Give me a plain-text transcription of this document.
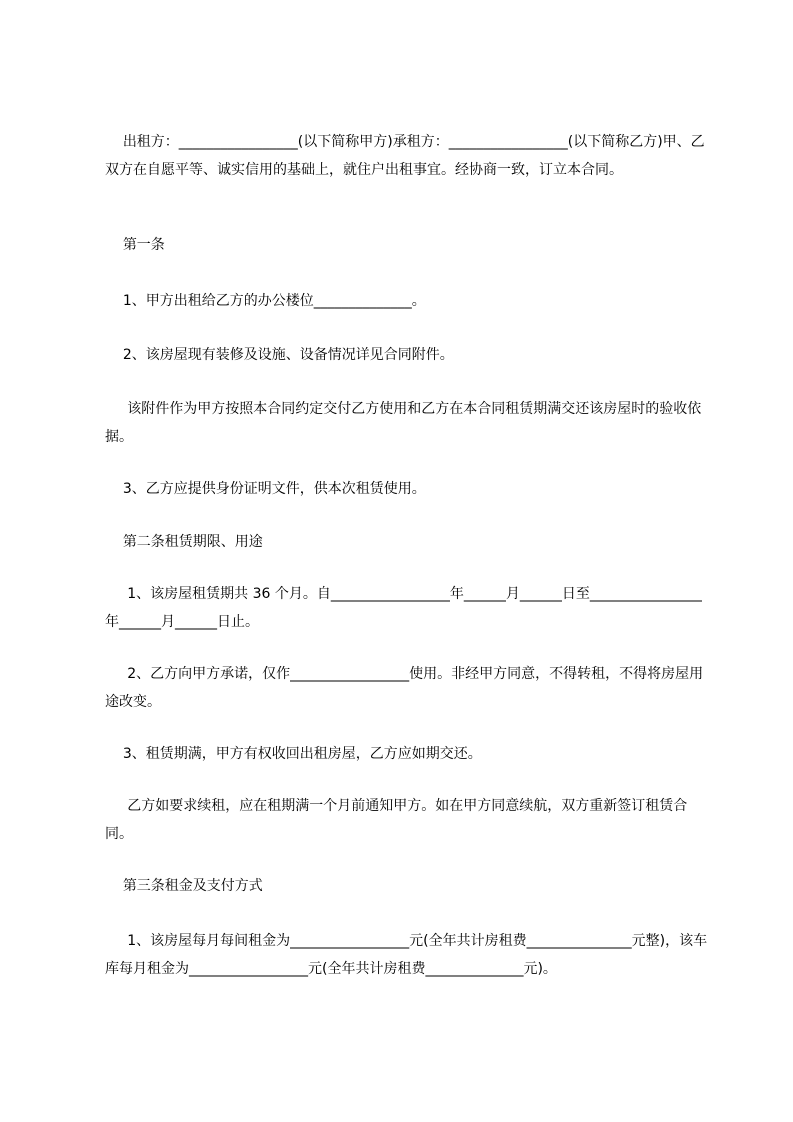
出租方：_________________(以下简称甲方)承租方：_________________(以下简称乙方)甲、乙双方在自愿平等、诚实信用的基础上，就住户出租事宜。经协商一致，订立本合同。

第一条

1、甲方出租给乙方的办公楼位______________。

2、该房屋现有装修及设施、设备情况详见合同附件。

该附件作为甲方按照本合同约定交付乙方使用和乙方在本合同租赁期满交还该房屋时的验收依据。

3、乙方应提供身份证明文件，供本次租赁使用。

第二条租赁期限、用途

1、该房屋租赁期共 36 个月。自_________________年______月______日至________________年______月______日止。

2、乙方向甲方承诺，仅作_________________使用。非经甲方同意，不得转租，不得将房屋用途改变。

3、租赁期满，甲方有权收回出租房屋，乙方应如期交还。

乙方如要求续租，应在租期满一个月前通知甲方。如在甲方同意续航，双方重新签订租赁合同。

第三条租金及支付方式

1、该房屋每月每间租金为_________________元(全年共计房租费_______________元整)，该车库每月租金为_________________元(全年共计房租费______________元)。
